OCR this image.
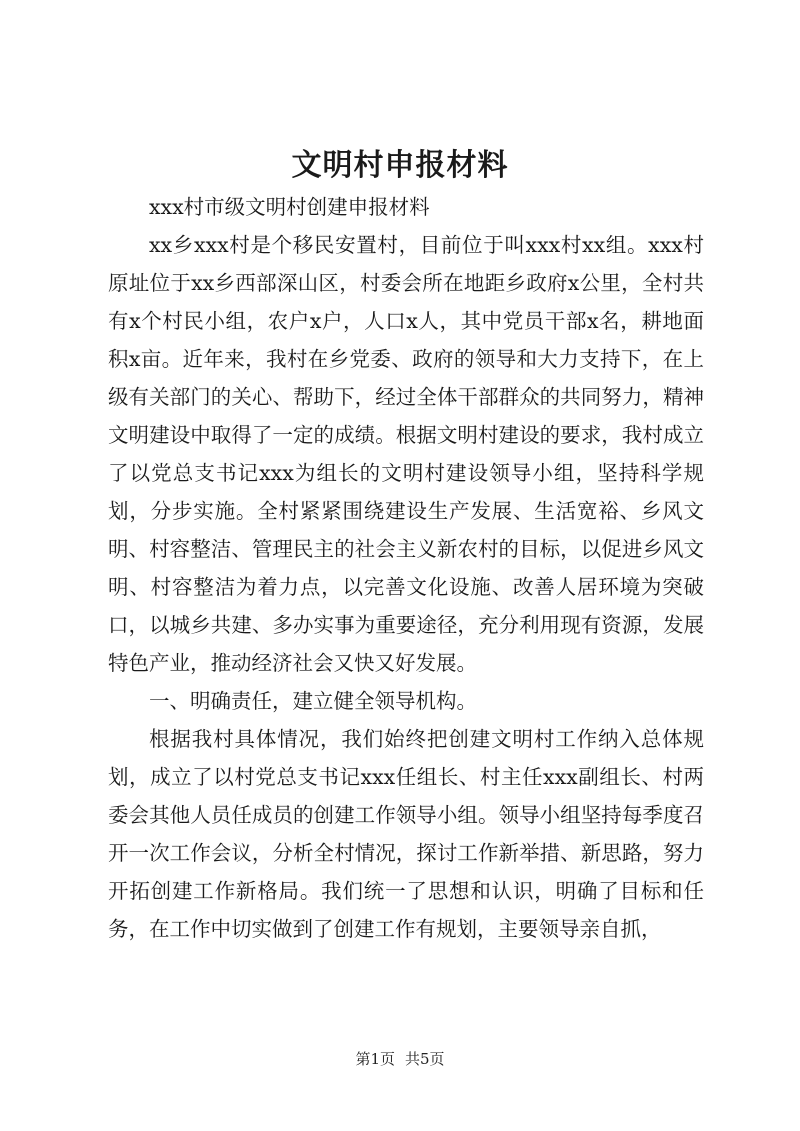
文明村申报材料

xxx村市级文明村创建申报材料

xx乡xxx村是个移民安置村，目前位于叫xxx村xx组。xxx村原址位于xx乡西部深山区，村委会所在地距乡政府x公里，全村共有x个村民小组，农户x户，人口x人，其中党员干部x名，耕地面积x亩。近年来，我村在乡党委、政府的领导和大力支持下，在上级有关部门的关心、帮助下，经过全体干部群众的共同努力，精神文明建设中取得了一定的成绩。根据文明村建设的要求，我村成立了以党总支书记xxx为组长的文明村建设领导小组，坚持科学规划，分步实施。全村紧紧围绕建设生产发展、生活宽裕、乡风文明、村容整洁、管理民主的社会主义新农村的目标，以促进乡风文明、村容整洁为着力点，以完善文化设施、改善人居环境为突破口，以城乡共建、多办实事为重要途径，充分利用现有资源，发展特色产业，推动经济社会又快又好发展。

一、明确责任，建立健全领导机构。

根据我村具体情况，我们始终把创建文明村工作纳入总体规划，成立了以村党总支书记xxx任组长、村主任xxx副组长、村两委会其他人员任成员的创建工作领导小组。领导小组坚持每季度召开一次工作会议，分析全村情况，探讨工作新举措、新思路，努力开拓创建工作新格局。我们统一了思想和认识，明确了目标和任务，在工作中切实做到了创建工作有规划，主要领导亲自抓，

第1页 共5页
